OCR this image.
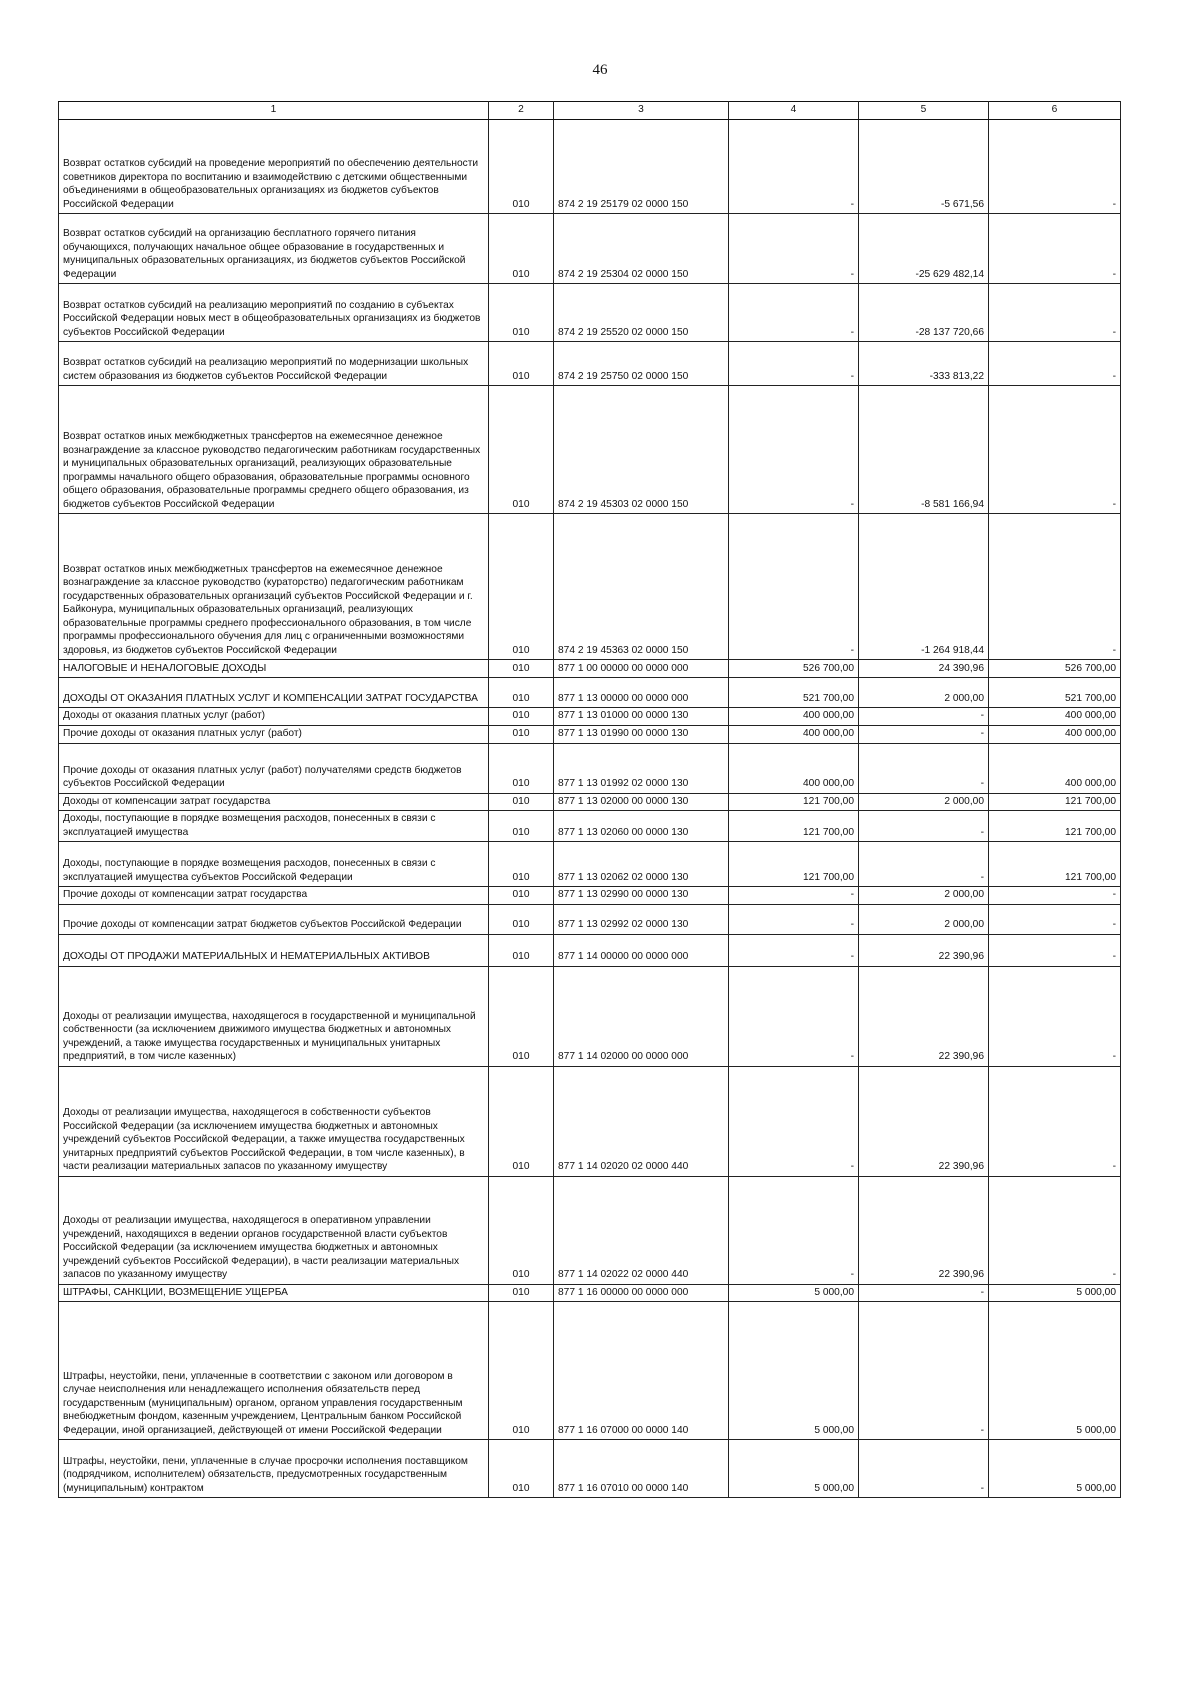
46
1	2	3	4	5	6
Возврат остатков субсидий на проведение мероприятий по обеспечению деятельности советников директора по воспитанию и взаимодействию с детскими общественными объединениями в общеобразовательных организациях из бюджетов субъектов Российской Федерации	010	874 2 19 25179 02 0000 150	-	-5 671,56	-
Возврат остатков субсидий на организацию бесплатного горячего питания обучающихся, получающих начальное общее образование в государственных и муниципальных образовательных организациях, из бюджетов субъектов Российской Федерации	010	874 2 19 25304 02 0000 150	-	-25 629 482,14	-
Возврат остатков субсидий на реализацию мероприятий по созданию в субъектах Российской Федерации новых мест в общеобразовательных организациях из бюджетов субъектов Российской Федерации	010	874 2 19 25520 02 0000 150	-	-28 137 720,66	-
Возврат остатков субсидий на реализацию мероприятий по модернизации школьных систем образования из бюджетов субъектов Российской Федерации	010	874 2 19 25750 02 0000 150	-	-333 813,22	-
Возврат остатков иных межбюджетных трансфертов на ежемесячное денежное вознаграждение за классное руководство педагогическим работникам государственных и муниципальных образовательных организаций, реализующих образовательные программы начального общего образования, образовательные программы основного общего образования, образовательные программы среднего общего образования, из бюджетов субъектов Российской Федерации	010	874 2 19 45303 02 0000 150	-	-8 581 166,94	-
Возврат остатков иных межбюджетных трансфертов на ежемесячное денежное вознаграждение за классное руководство (кураторство) педагогическим работникам государственных образовательных организаций субъектов Российской Федерации и г. Байконура, муниципальных образовательных организаций, реализующих образовательные программы среднего профессионального образования, в том числе программы профессионального обучения для лиц с ограниченными возможностями здоровья, из бюджетов субъектов Российской Федерации	010	874 2 19 45363 02 0000 150	-	-1 264 918,44	-
НАЛОГОВЫЕ И НЕНАЛОГОВЫЕ ДОХОДЫ	010	877 1 00 00000 00 0000 000	526 700,00	24 390,96	526 700,00
ДОХОДЫ ОТ ОКАЗАНИЯ ПЛАТНЫХ УСЛУГ И КОМПЕНСАЦИИ ЗАТРАТ ГОСУДАРСТВА	010	877 1 13 00000 00 0000 000	521 700,00	2 000,00	521 700,00
Доходы от оказания платных услуг (работ)	010	877 1 13 01000 00 0000 130	400 000,00	-	400 000,00
Прочие доходы от оказания платных услуг (работ)	010	877 1 13 01990 00 0000 130	400 000,00	-	400 000,00
Прочие доходы от оказания платных услуг (работ) получателями средств бюджетов субъектов Российской Федерации	010	877 1 13 01992 02 0000 130	400 000,00	-	400 000,00
Доходы от компенсации затрат государства	010	877 1 13 02000 00 0000 130	121 700,00	2 000,00	121 700,00
Доходы, поступающие в порядке возмещения расходов, понесенных в связи с эксплуатацией имущества	010	877 1 13 02060 00 0000 130	121 700,00	-	121 700,00
Доходы, поступающие в порядке возмещения расходов, понесенных в связи с эксплуатацией имущества субъектов Российской Федерации	010	877 1 13 02062 02 0000 130	121 700,00	-	121 700,00
Прочие доходы от компенсации затрат государства	010	877 1 13 02990 00 0000 130	-	2 000,00	-
Прочие доходы от компенсации затрат бюджетов субъектов Российской Федерации	010	877 1 13 02992 02 0000 130	-	2 000,00	-
ДОХОДЫ ОТ ПРОДАЖИ МАТЕРИАЛЬНЫХ И НЕМАТЕРИАЛЬНЫХ АКТИВОВ	010	877 1 14 00000 00 0000 000	-	22 390,96	-
Доходы от реализации имущества, находящегося в государственной и муниципальной собственности (за исключением движимого имущества бюджетных и автономных учреждений, а также имущества государственных и муниципальных унитарных предприятий, в том числе казенных)	010	877 1 14 02000 00 0000 000	-	22 390,96	-
Доходы от реализации имущества, находящегося в собственности субъектов Российской Федерации (за исключением имущества бюджетных и автономных учреждений субъектов Российской Федерации, а также имущества государственных унитарных предприятий субъектов Российской Федерации, в том числе казенных), в части реализации материальных запасов по указанному имуществу	010	877 1 14 02020 02 0000 440	-	22 390,96	-
Доходы от реализации имущества, находящегося в оперативном управлении учреждений, находящихся в ведении органов государственной власти субъектов Российской Федерации (за исключением имущества бюджетных и автономных учреждений субъектов Российской Федерации), в части реализации материальных запасов по указанному имуществу	010	877 1 14 02022 02 0000 440	-	22 390,96	-
ШТРАФЫ, САНКЦИИ, ВОЗМЕЩЕНИЕ УЩЕРБА	010	877 1 16 00000 00 0000 000	5 000,00	-	5 000,00
Штрафы, неустойки, пени, уплаченные в соответствии с законом или договором в случае неисполнения или ненадлежащего исполнения обязательств перед государственным (муниципальным) органом, органом управления государственным внебюджетным фондом, казенным учреждением, Центральным банком Российской Федерации, иной организацией, действующей от имени Российской Федерации	010	877 1 16 07000 00 0000 140	5 000,00	-	5 000,00
Штрафы, неустойки, пени, уплаченные в случае просрочки исполнения поставщиком (подрядчиком, исполнителем) обязательств, предусмотренных государственным (муниципальным) контрактом	010	877 1 16 07010 00 0000 140	5 000,00	-	5 000,00
